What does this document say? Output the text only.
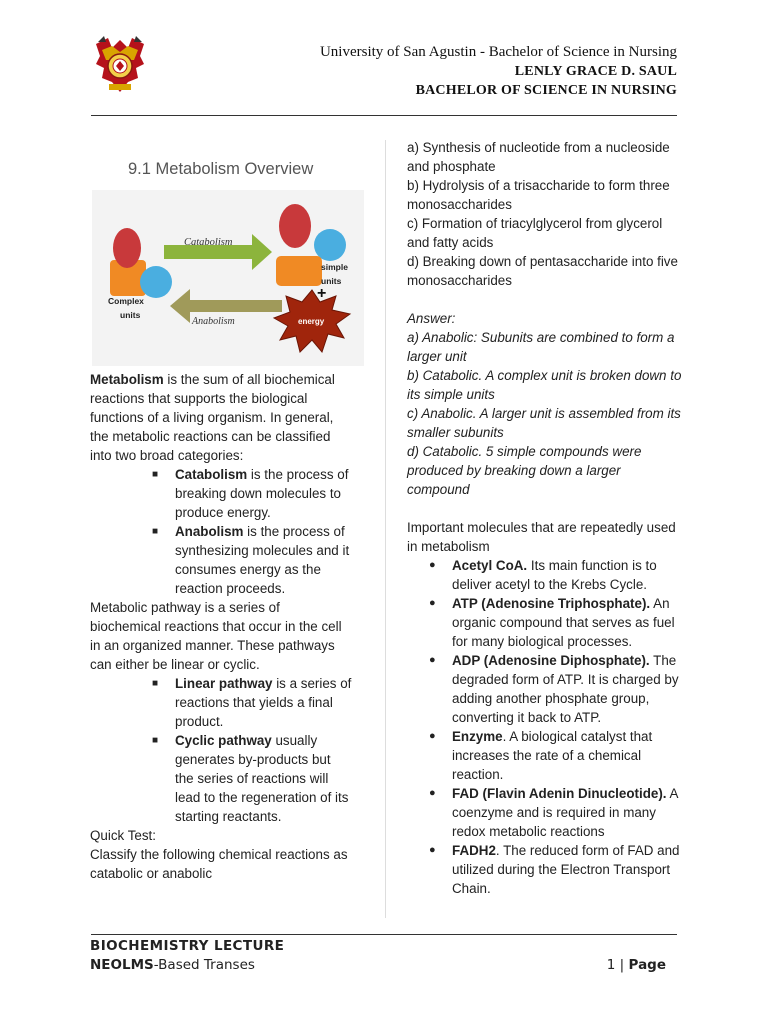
University of San Agustin - Bachelor of Science in Nursing
LENLY GRACE D. SAUL
BACHELOR OF SCIENCE IN NURSING
9.1 Metabolism Overview
Catabolism
simple
units
+
Anabolism
Complex
units
energy

Metabolism is the sum of all biochemical reactions that supports the biological functions of a living organism. In general, the metabolic reactions can be classified into two broad categories:

■ Catabolism is the process of breaking down molecules to produce energy.
■ Anabolism is the process of synthesizing molecules and it consumes energy as the reaction proceeds.

Metabolic pathway is a series of biochemical reactions that occur in the cell in an organized manner. These pathways can either be linear or cyclic.

■ Linear pathway is a series of reactions that yields a final product.
■ Cyclic pathway usually generates by-products but the series of reactions will lead to the regeneration of its starting reactants.

Quick Test:

Classify the following chemical reactions as catabolic or anabolic

a) Synthesis of nucleotide from a nucleoside and phosphate

b) Hydrolysis of a trisaccharide to form three monosaccharides

c) Formation of triacylglycerol from glycerol and fatty acids

d) Breaking down of pentasaccharide into five monosaccharides

Answer:

a) Anabolic: Subunits are combined to form a larger unit

b) Catabolic. A complex unit is broken down to its simple units

c) Anabolic. A larger unit is assembled from its smaller subunits

d) Catabolic. 5 simple compounds were produced by breaking down a larger compound

Important molecules that are repeatedly used in metabolism

● Acetyl CoA. Its main function is to deliver acetyl to the Krebs Cycle.
● ATP (Adenosine Triphosphate). An organic compound that serves as fuel for many biological processes.
● ADP (Adenosine Diphosphate). The degraded form of ATP. It is charged by adding another phosphate group, converting it back to ATP.
● Enzyme. A biological catalyst that increases the rate of a chemical reaction.
● FAD (Flavin Adenin Dinucleotide). A coenzyme and is required in many redox metabolic reactions
● FADH2. The reduced form of FAD and utilized during the Electron Transport Chain.
BIOCHEMISTRY LECTURE
NEOLMS-Based Transes	1 | Page
